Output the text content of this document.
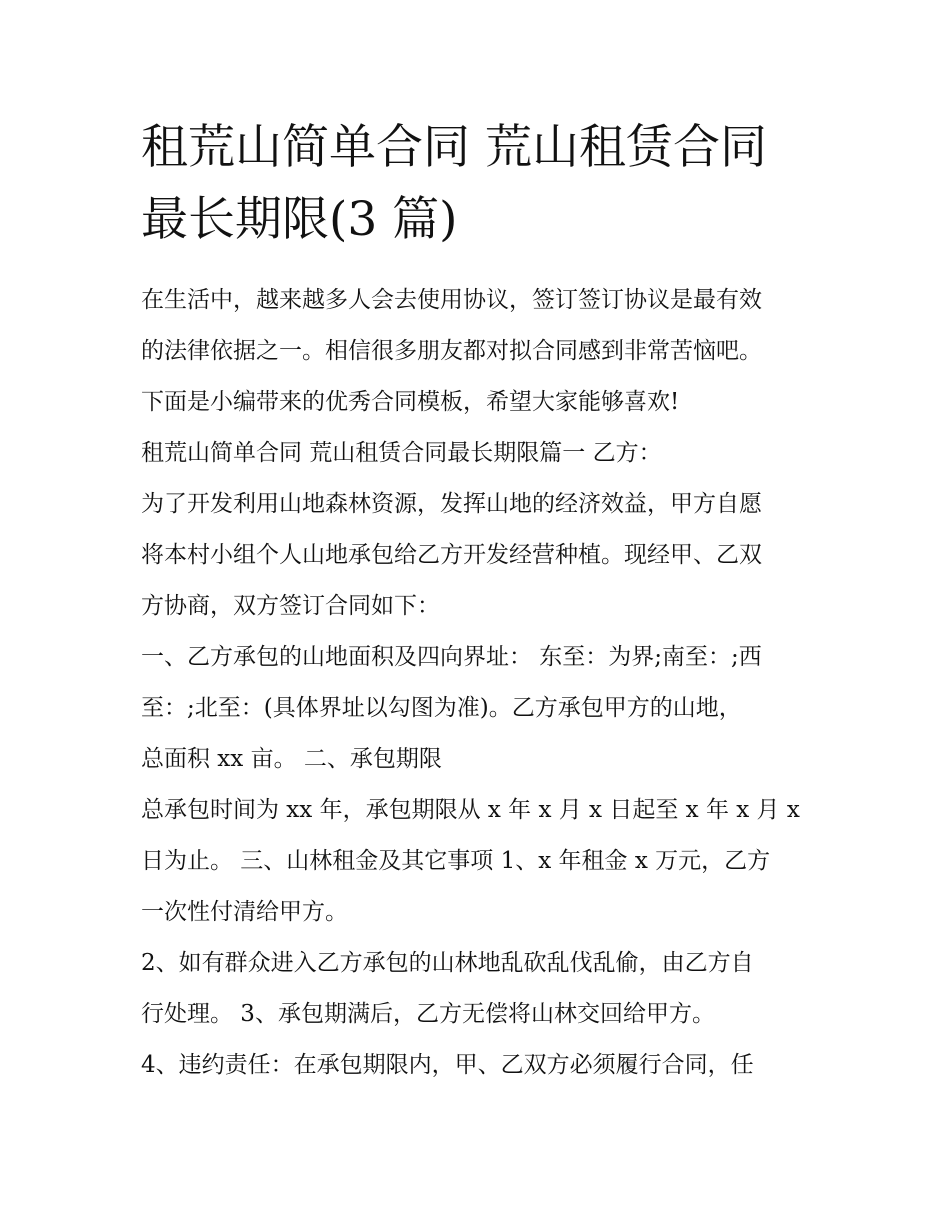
租荒山简单合同 荒山租赁合同
最长期限(3 篇)
在生活中，越来越多人会去使用协议，签订签订协议是最有效
的法律依据之一。相信很多朋友都对拟合同感到非常苦恼吧。
下面是小编带来的优秀合同模板，希望大家能够喜欢!
租荒山简单合同 荒山租赁合同最长期限篇一 乙方：
为了开发利用山地森林资源，发挥山地的经济效益，甲方自愿
将本村小组个人山地承包给乙方开发经营种植。现经甲、乙双
方协商，双方签订合同如下：
一、乙方承包的山地面积及四向界址： 东至：为界;南至：;西
至：;北至：(具体界址以勾图为准)。乙方承包甲方的山地，
总面积 xx 亩。 二、承包期限
总承包时间为 xx 年，承包期限从 x 年 x 月 x 日起至 x 年 x 月 x
日为止。 三、山林租金及其它事项 1、x 年租金 x 万元，乙方
一次性付清给甲方。
2、如有群众进入乙方承包的山林地乱砍乱伐乱偷，由乙方自
行处理。 3、承包期满后，乙方无偿将山林交回给甲方。
4、违约责任：在承包期限内，甲、乙双方必须履行合同，任
